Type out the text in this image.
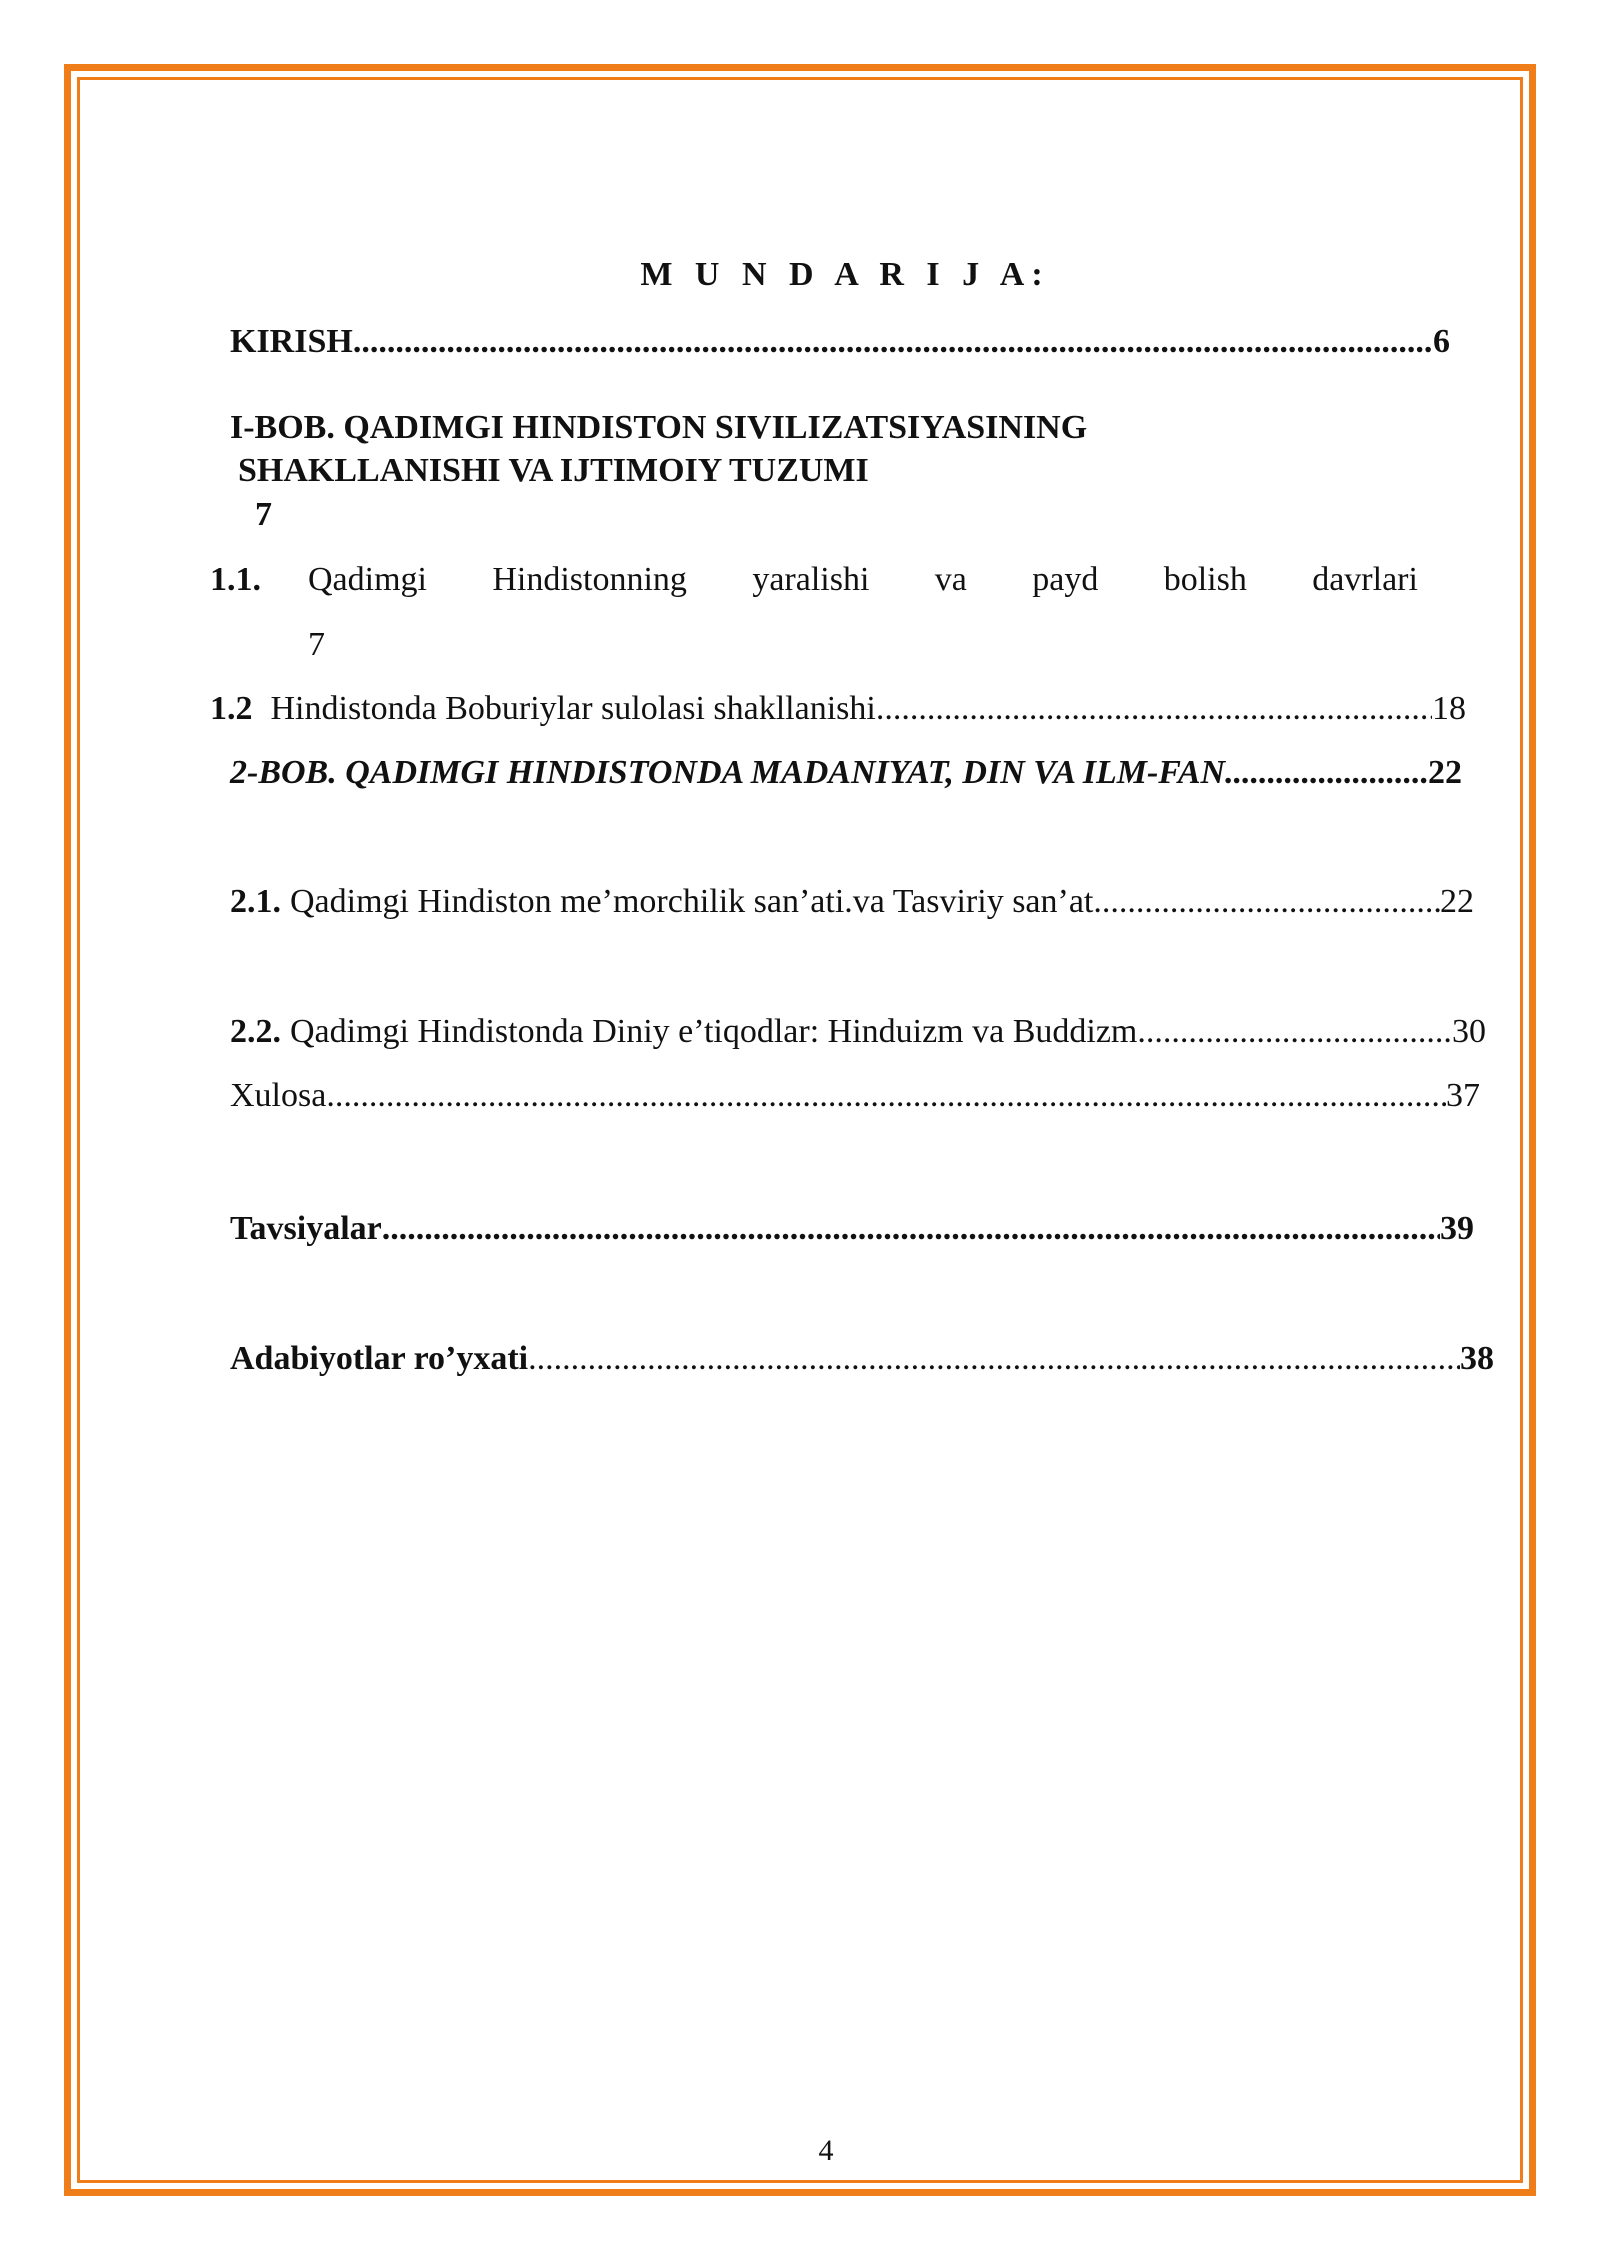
M U N D A R I J A:
KIRISH .....	6
I-BOB. QADIMGI HINDISTON SIVILIZATSIYASINING
SHAKLLANISHI VA IJTIMOIY TUZUMI
7
1.1. Qadimgi Hindistonning yaralishi va payd bolish davrlari
7
1.2 Hindistonda Boburiylar sulolasi shakllanishi .....	18
2-BOB. QADIMGI HINDISTONDA MADANIYAT, DIN VA ILM-FAN .....	22
2.1. Qadimgi Hindiston me’morchilik san’ati.va Tasviriy san’at .....	22
2.2. Qadimgi Hindistonda Diniy e’tiqodlar: Hinduizm va Buddizm .....	30
Xulosa .....	37
Tavsiyalar .....	39
Adabiyotlar ro’yxati .....	38
4
